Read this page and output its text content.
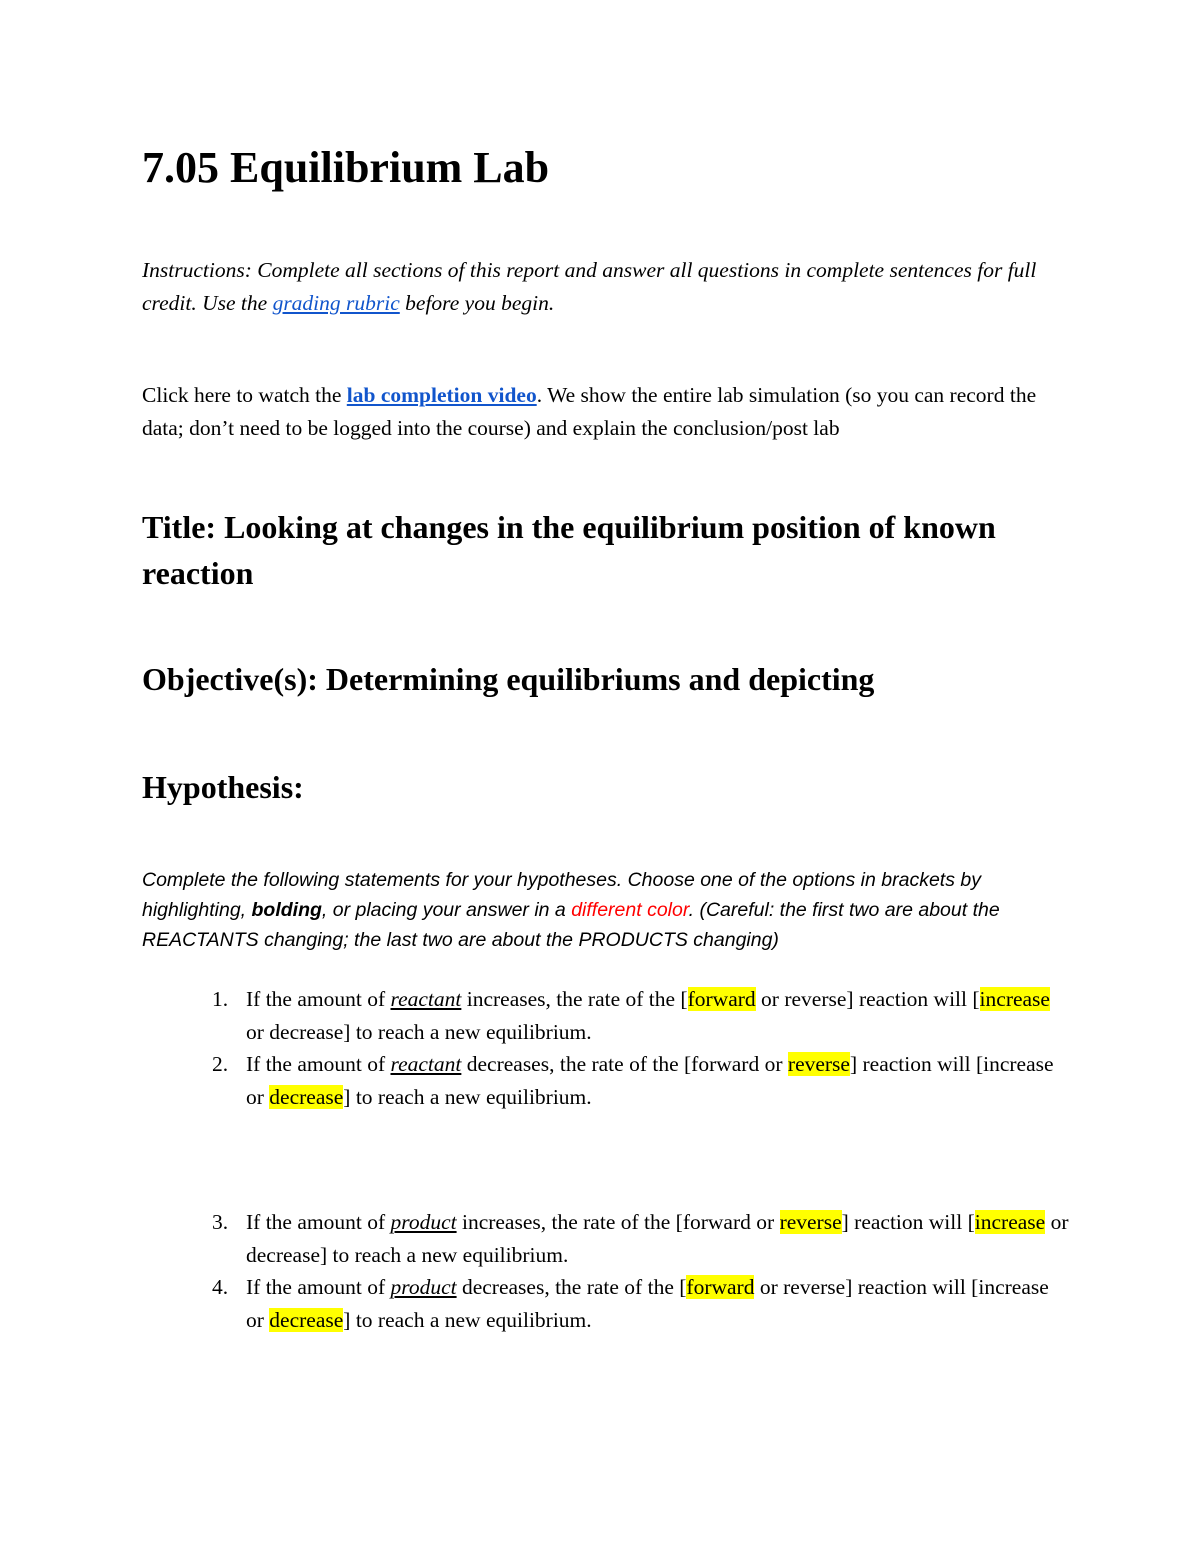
7.05 Equilibrium Lab

Instructions: Complete all sections of this report and answer all questions in complete sentences for full credit. Use the grading rubric before you begin.

Click here to watch the lab completion video. We show the entire lab simulation (so you can record the data; don’t need to be logged into the course) and explain the conclusion/post lab

Title: Looking at changes in the equilibrium position of known reaction
Objective(s): Determining equilibriums and depicting
Hypothesis:

Complete the following statements for your hypotheses. Choose one of the options in brackets by highlighting, bolding, or placing your answer in a different color. (Careful: the first two are about the REACTANTS changing; the last two are about the PRODUCTS changing)

1. If the amount of reactant increases, the rate of the [forward or reverse] reaction will [increase or decrease] to reach a new equilibrium.
2. If the amount of reactant decreases, the rate of the [forward or reverse] reaction will [increase or decrease] to reach a new equilibrium.
3. If the amount of product increases, the rate of the [forward or reverse] reaction will [increase or decrease] to reach a new equilibrium.
4. If the amount of product decreases, the rate of the [forward or reverse] reaction will [increase or decrease] to reach a new equilibrium.
